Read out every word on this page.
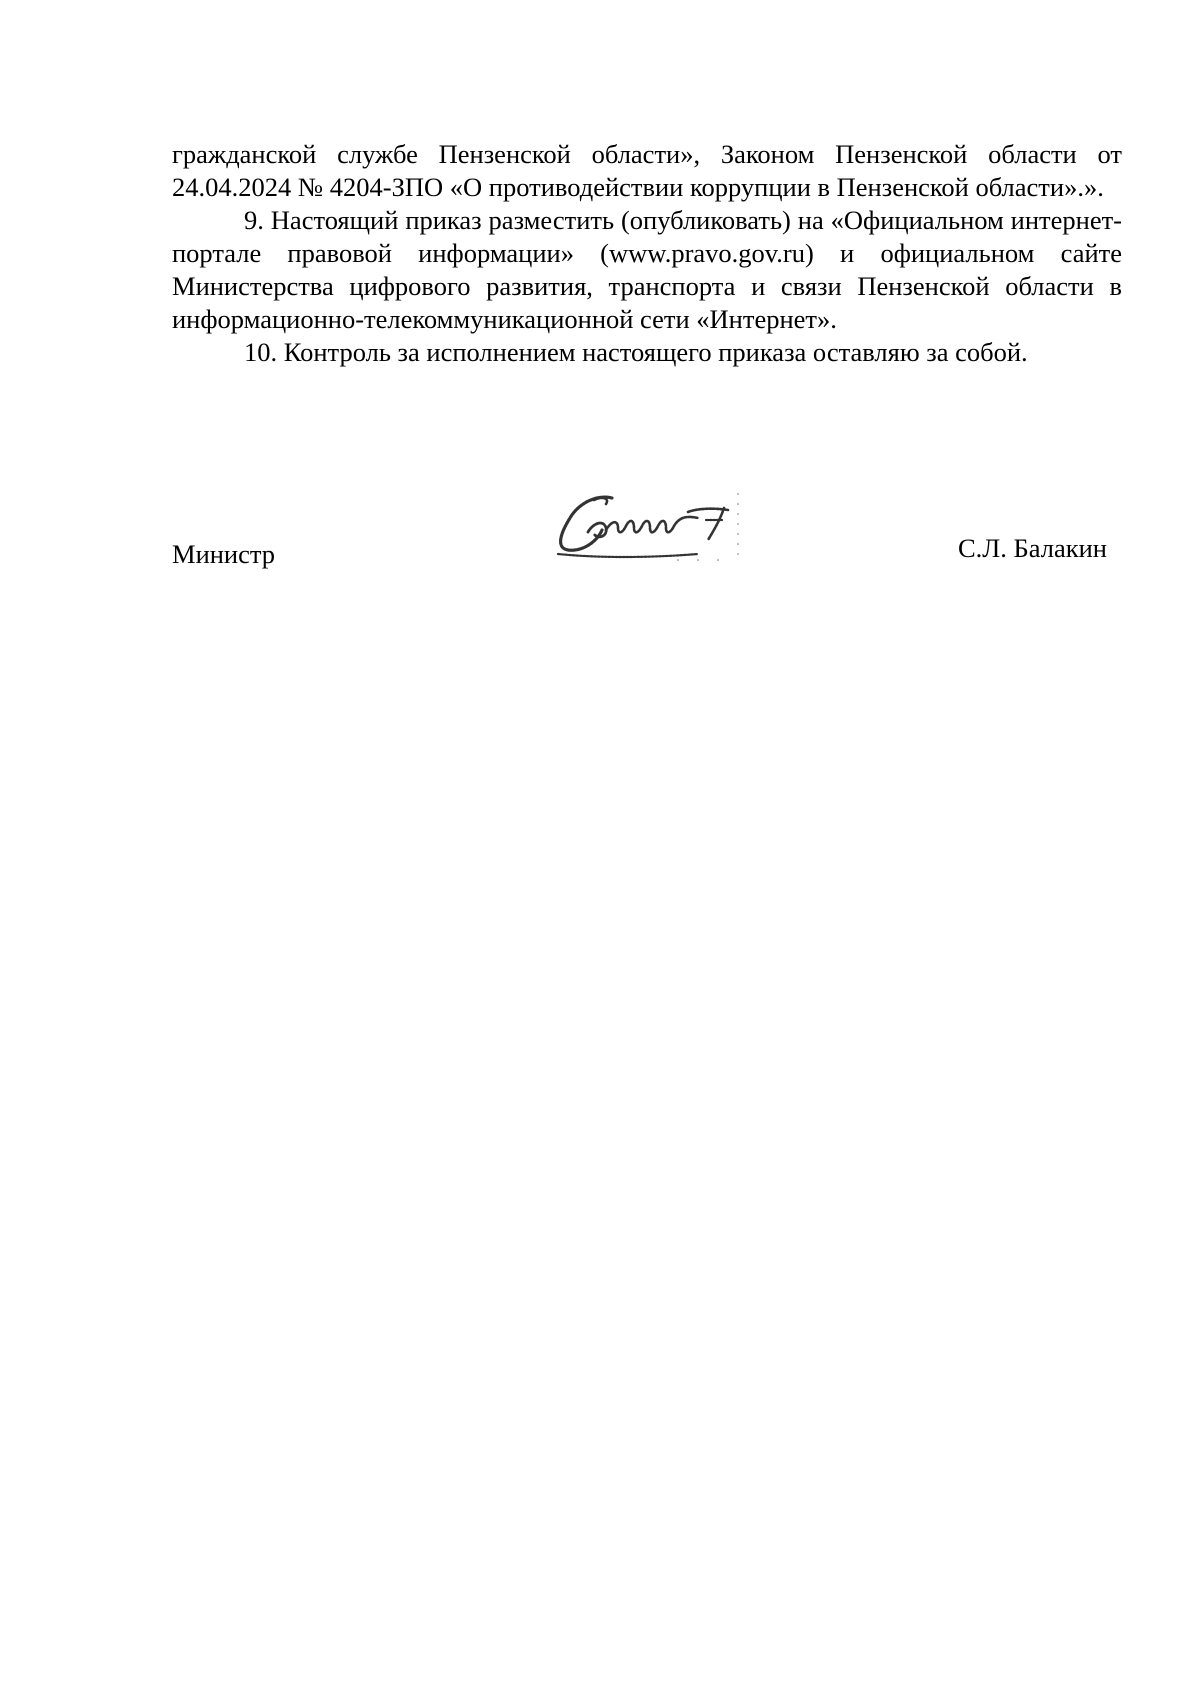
гражданской службе Пензенской области», Законом Пензенской области от 24.04.2024 № 4204-ЗПО «О противодействии коррупции в Пензенской области».».

9. Настоящий приказ разместить (опубликовать) на «Официальном интернет-портале правовой информации» (www.pravo.gov.ru) и официальном сайте Министерства цифрового развития, транспорта и связи Пензенской области в информационно-телекоммуникационной сети «Интернет».

10. Контроль за исполнением настоящего приказа оставляю за собой.

Министр	С.Л. Балакин
